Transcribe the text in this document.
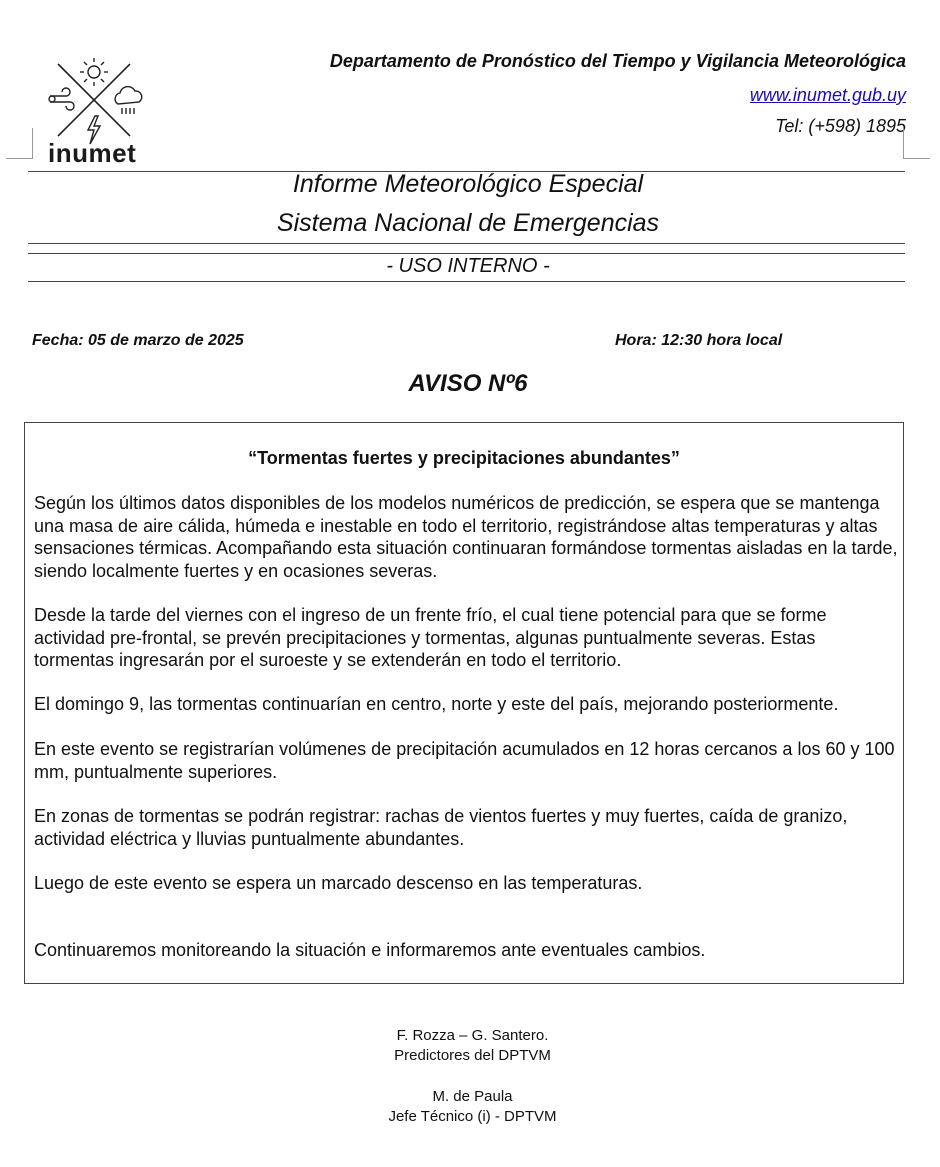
inumet
Departamento de Pronóstico del Tiempo y Vigilancia Meteorológica
www.inumet.gub.uy
Tel: (+598) 1895
Informe Meteorológico Especial
Sistema Nacional de Emergencias
- USO INTERNO -
Fecha: 05 de marzo de 2025	Hora: 12:30 hora local
AVISO Nº6
“Tormentas fuertes y precipitaciones abundantes”
Según los últimos datos disponibles de los modelos numéricos de predicción, se espera que se mantenga una masa de aire cálida, húmeda e inestable en todo el territorio, registrándose altas temperaturas y altas sensaciones térmicas. Acompañando esta situación continuaran formándose tormentas aisladas en la tarde, siendo localmente fuertes y en ocasiones severas.
Desde la tarde del viernes con el ingreso de un frente frío, el cual tiene potencial para que se forme actividad pre-frontal, se prevén precipitaciones y tormentas, algunas puntualmente severas. Estas tormentas ingresarán por el suroeste y se extenderán en todo el territorio.
El domingo 9, las tormentas continuarían en centro, norte y este del país, mejorando posteriormente.
En este evento se registrarían volúmenes de precipitación acumulados en 12 horas cercanos a los 60 y 100 mm, puntualmente superiores.
En zonas de tormentas se podrán registrar: rachas de vientos fuertes y muy fuertes, caída de granizo, actividad eléctrica y lluvias puntualmente abundantes.
Luego de este evento se espera un marcado descenso en las temperaturas.
Continuaremos monitoreando la situación e informaremos ante eventuales cambios.
F. Rozza – G. Santero.
Predictores del DPTVM
M. de Paula
Jefe Técnico (i) - DPTVM
